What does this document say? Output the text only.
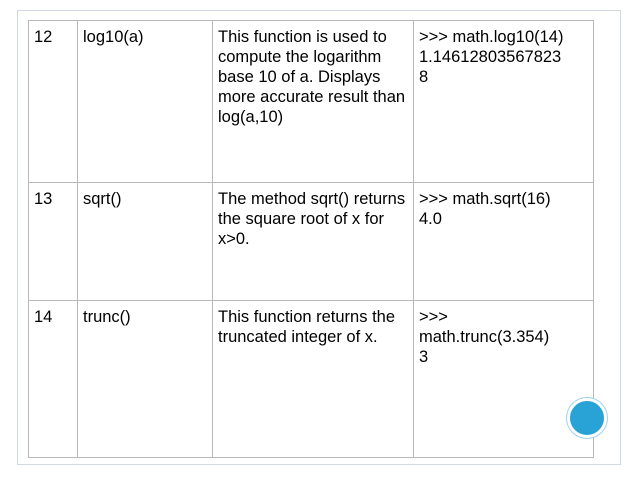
12	log10(a)	This function is used to compute the logarithm base 10 of a. Displays more accurate result than log(a,10)	>>> math.log10(14)
1.14612803567823
8
13	sqrt()	The method sqrt() returns the square root of x for x>0.	>>> math.sqrt(16)
4.0
14	trunc()	This function returns the truncated integer of x.	>>>
math.trunc(3.354)
3
